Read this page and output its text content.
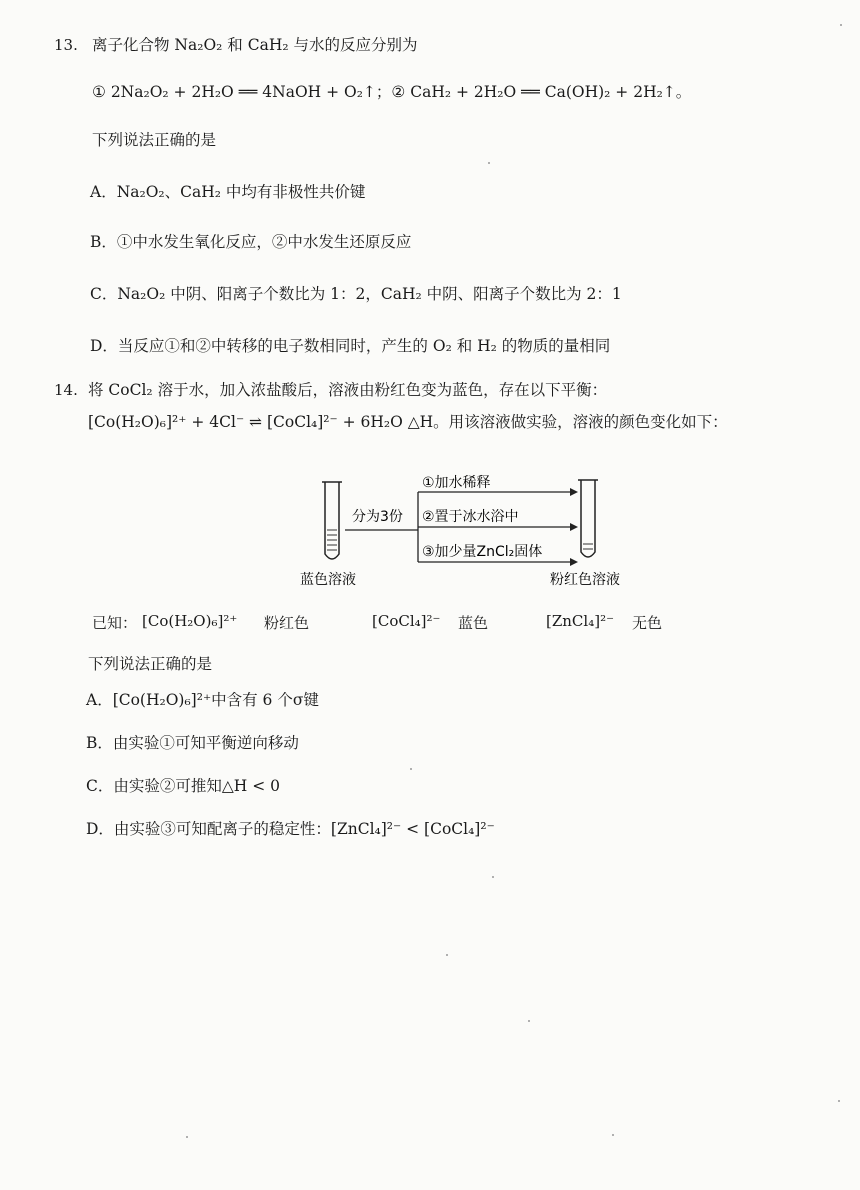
13. 离子化合物 Na₂O₂ 和 CaH₂ 与水的反应分别为
① 2Na₂O₂ + 2H₂O ══ 4NaOH + O₂↑；② CaH₂ + 2H₂O ══ Ca(OH)₂ + 2H₂↑。
下列说法正确的是
A．Na₂O₂、CaH₂ 中均有非极性共价键
B．①中水发生氧化反应，②中水发生还原反应
C．Na₂O₂ 中阴、阳离子个数比为 1：2，CaH₂ 中阴、阳离子个数比为 2：1
D．当反应①和②中转移的电子数相同时，产生的 O₂ 和 H₂ 的物质的量相同
14. 将 CoCl₂ 溶于水，加入浓盐酸后，溶液由粉红色变为蓝色，存在以下平衡：
[Co(H₂O)₆]²⁺ + 4Cl⁻ ⇌ [CoCl₄]²⁻ + 6H₂O △H。用该溶液做实验，溶液的颜色变化如下：
分为3份
①加水稀释
②置于冰水浴中
③加少量ZnCl₂固体
蓝色溶液	粉红色溶液
已知： [Co(H₂O)₆]²⁺ 粉红色	[CoCl₄]²⁻ 蓝色	[ZnCl₄]²⁻ 无色
下列说法正确的是
A．[Co(H₂O)₆]²⁺中含有 6 个σ键
B．由实验①可知平衡逆向移动
C．由实验②可推知△H < 0
D．由实验③可知配离子的稳定性：[ZnCl₄]²⁻ < [CoCl₄]²⁻
